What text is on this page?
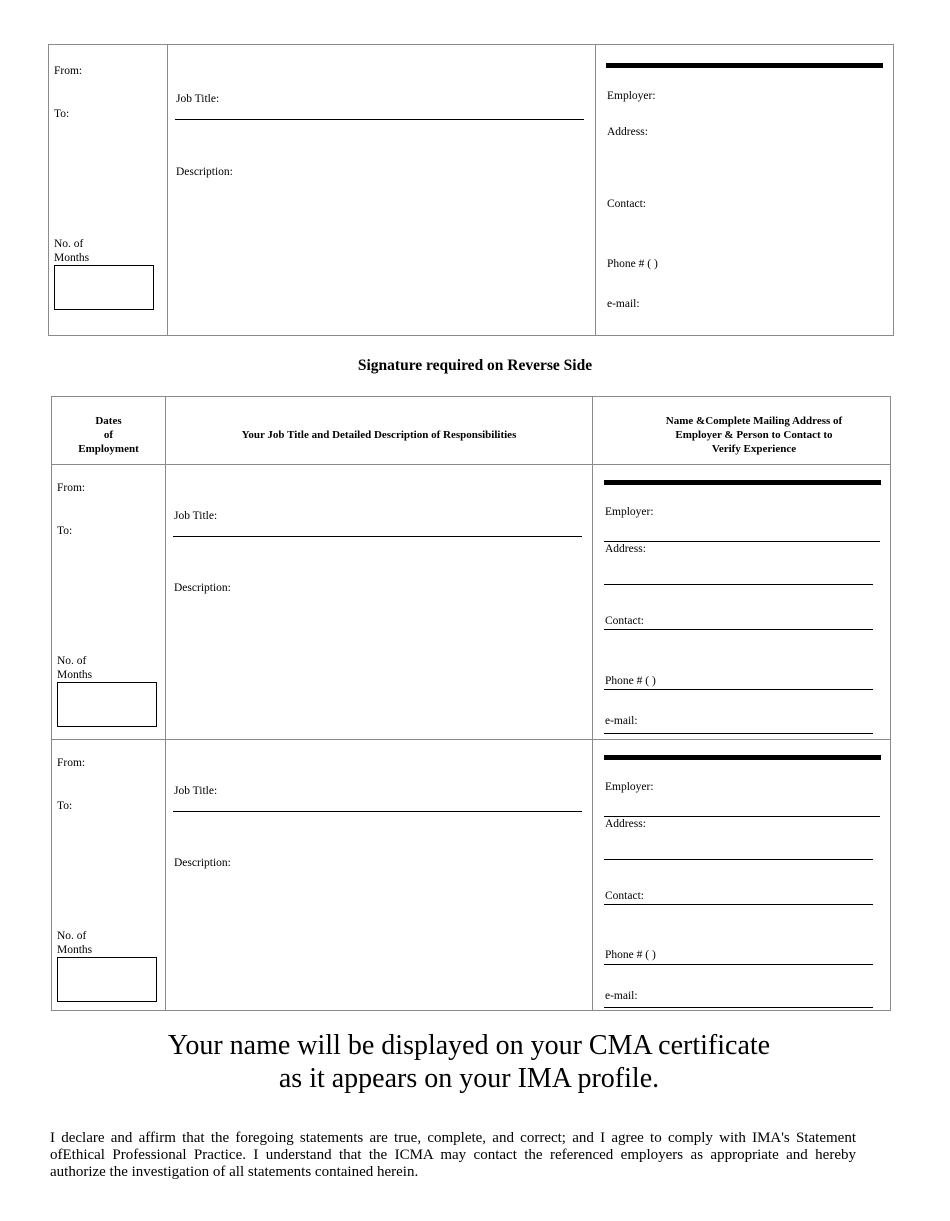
From:
To:
No. of
Months
Job Title:
Description:
Employer:
Address:
Contact:
Phone # ( )
e-mail:
Signature required on Reverse Side
Dates
of
Employment
Your Job Title and Detailed Description of Responsibilities
Name &Complete Mailing Address of
Employer & Person to Contact to
Verify Experience
From:
To:
No. of
Months
Job Title:
Description:
Employer:
Address:
Contact:
Phone # ( )
e-mail:
From:
To:
No. of
Months
Job Title:
Description:
Employer:
Address:
Contact:
Phone # ( )
e-mail:
Your name will be displayed on your CMA certificate
as it appears on your IMA profile.
I declare and affirm that the foregoing statements are true, complete, and correct; and I agree to comply with IMA's Statement ofEthical Professional Practice. I understand that the ICMA may contact the referenced employers as appropriate and hereby authorize the investigation of all statements contained herein.
